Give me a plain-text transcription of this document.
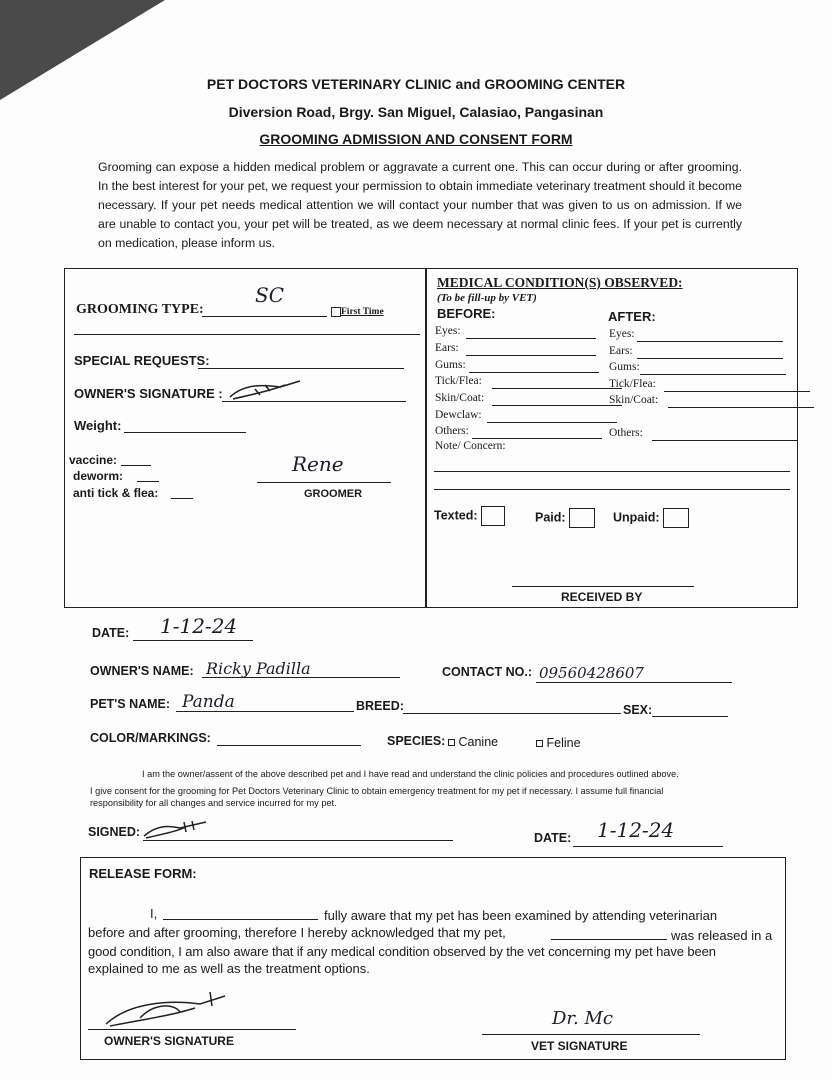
PET DOCTORS VETERINARY CLINIC and GROOMING CENTER
Diversion Road, Brgy. San Miguel, Calasiao, Pangasinan
GROOMING ADMISSION AND CONSENT FORM

Grooming can expose a hidden medical problem or aggravate a current one. This can occur during or after grooming. In the best interest for your pet, we request your permission to obtain immediate veterinary treatment should it become necessary. If your pet needs medical attention we will contact your number that was given to us on admission. If we are unable to contact you, your pet will be treated, as we deem necessary at normal clinic fees. If your pet is currently on medication, please inform us.

GROOMING TYPE:
SC
First Time
SPECIAL REQUESTS:
OWNER'S SIGNATURE :
Weight:
vaccine:
deworm:
anti tick & flea:
Rene
GROOMER
MEDICAL CONDITION(S) OBSERVED:
(To be fill-up by VET)
BEFORE:	AFTER:
Eyes:
Ears:
Gums:
Tick/Flea:
Skin/Coat:
Dewclaw:
Others:
Eyes:
Ears:
Gums:
Tick/Flea:
Skin/Coat:
Others:
Note/ Concern:
Texted:	Paid:	Unpaid:
RECEIVED BY
DATE: 1-12-24
OWNER'S NAME: Ricky Padilla	CONTACT NO.: 09560428607
PET'S NAME: Panda	BREED:	SEX:
COLOR/MARKINGS:	SPECIES:	Canine	Feline
I am the owner/assent of the above described pet and I have read and understand the clinic policies and procedures outlined above.
I give consent for the grooming for Pet Doctors Veterinary Clinic to obtain emergency treatment for my pet if necessary. I assume full financial
responsibility for all changes and service incurred for my pet.
SIGNED:	DATE: 1-12-24
RELEASE FORM:
I,	fully aware that my pet has been examined by attending veterinarian
before and after grooming, therefore I hereby acknowledged that my pet,	was released in a
good condition, I am also aware that if any medical condition observed by the vet concerning my pet have been
explained to me as well as the treatment options.
OWNER'S SIGNATURE
Dr. Mc
VET SIGNATURE
